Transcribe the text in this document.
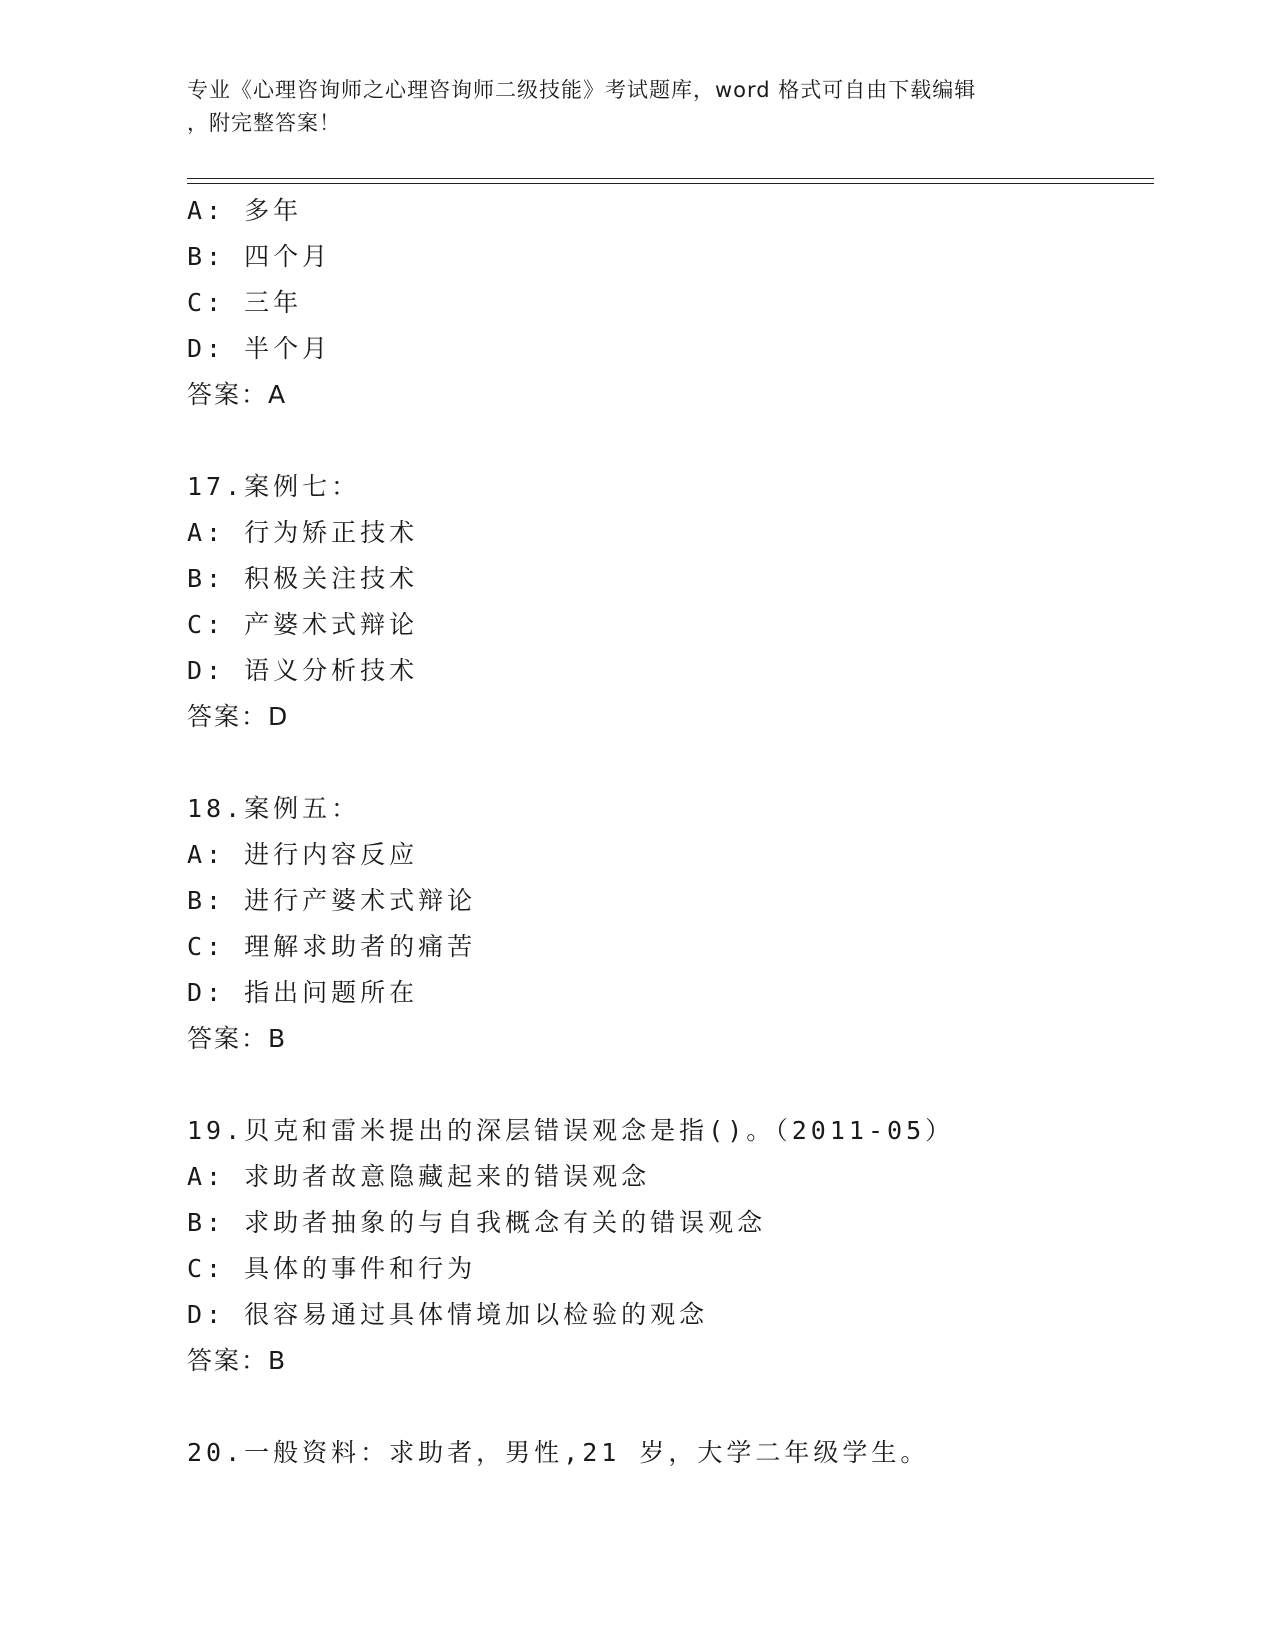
专业《心理咨询师之心理咨询师二级技能》考试题库，word 格式可自由下载编辑
，附完整答案！
A: 多年
B: 四个月
C: 三年
D: 半个月
答案：A
17.案例七：
A: 行为矫正技术
B: 积极关注技术
C: 产婆术式辩论
D: 语义分析技术
答案：D
18.案例五：
A: 进行内容反应
B: 进行产婆术式辩论
C: 理解求助者的痛苦
D: 指出问题所在
答案：B
19.贝克和雷米提出的深层错误观念是指()。（2011-05）
A: 求助者故意隐藏起来的错误观念
B: 求助者抽象的与自我概念有关的错误观念
C: 具体的事件和行为
D: 很容易通过具体情境加以检验的观念
答案：B
20.一般资料：求助者，男性,21 岁，大学二年级学生。
